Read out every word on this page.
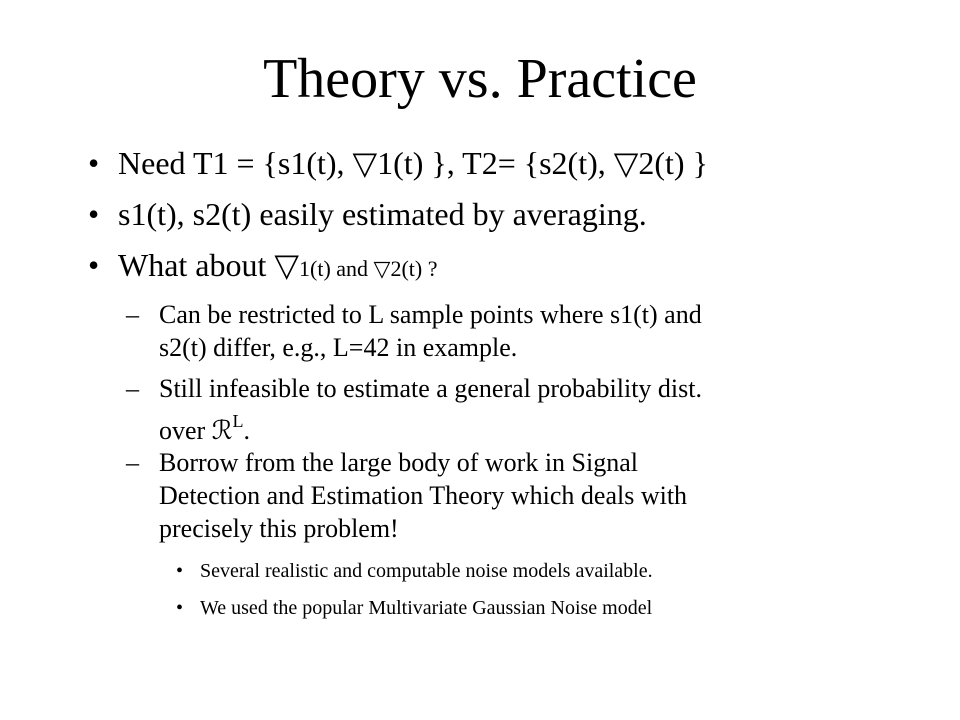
Theory vs. Practice
• Need T1 = {s1(t), ▽1(t) }, T2= {s2(t), ▽2(t) }
• s1(t), s2(t) easily estimated by averaging.
• What about ▽1(t) and ▽2(t) ?
– Can be restricted to L sample points where s1(t) and
s2(t) differ, e.g., L=42 in example.
– Still infeasible to estimate a general probability dist.
over ℛ$^L$.
– Borrow from the large body of work in Signal
Detection and Estimation Theory which deals with
precisely this problem!
• Several realistic and computable noise models available.
• We used the popular Multivariate Gaussian Noise model
